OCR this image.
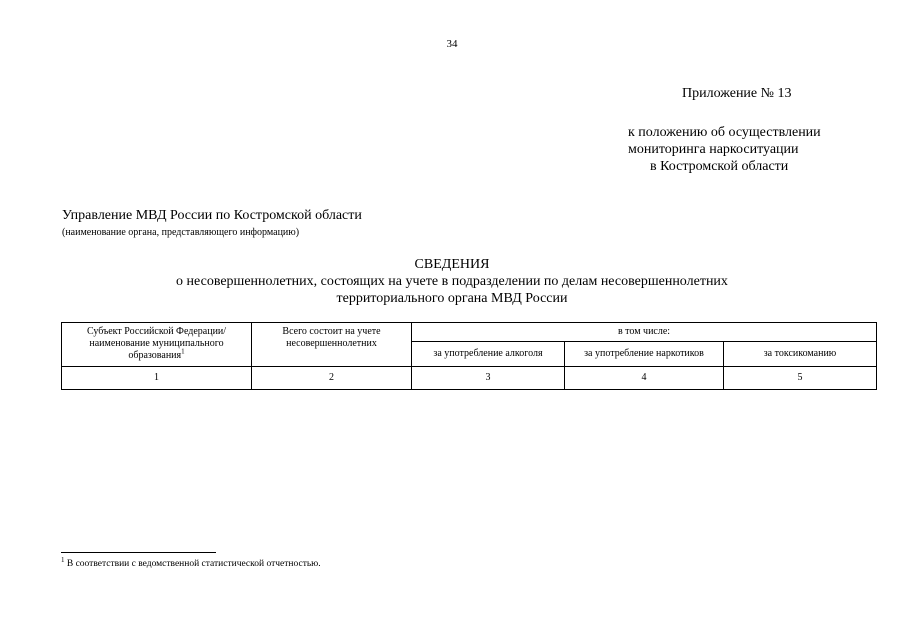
34
Приложение № 13
к положению об осуществлении
мониторинга наркоситуации
в Костромской области
Управление МВД России по Костромской области
(наименование органа, представляющего информацию)
СВЕДЕНИЯ
о несовершеннолетних, состоящих на учете в подразделении по делам несовершеннолетних
территориального органа МВД России
Субъект Российской Федерации/ наименование муниципального образования$^1$	Всего состоит на учете несовершеннолетних	в том числе:		
		за употребление алкоголя	за употребление наркотиков	за токсикоманию
1	2	3	4	5
$^1$ В соответствии с ведомственной статистической отчетностью.
